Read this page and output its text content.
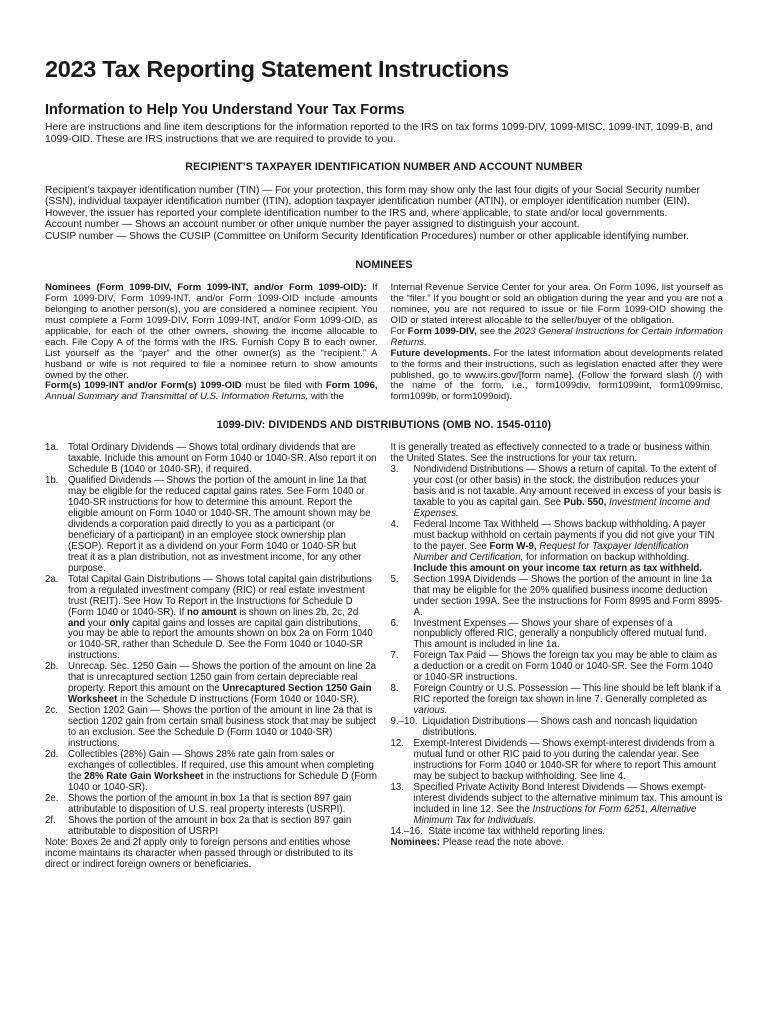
2023 Tax Reporting Statement Instructions
Information to Help You Understand Your Tax Forms

Here are instructions and line item descriptions for the information reported to the IRS on tax forms 1099-DIV, 1099-MISC, 1099-INT, 1099-B, and 1099-OID. These are IRS instructions that we are required to provide to you.

RECIPIENT’S TAXPAYER IDENTIFICATION NUMBER AND ACCOUNT NUMBER

Recipient’s taxpayer identification number (TIN) — For your protection, this form may show only the last four digits of your Social Security number (SSN), individual taxpayer identification number (ITIN), adoption taxpayer identification number (ATIN), or employer identification number (EIN). However, the issuer has reported your complete identification number to the IRS and, where applicable, to state and/or local governments.

Account number — Shows an account number or other unique number the payer assigned to distinguish your account.

CUSIP number — Shows the CUSIP (Committee on Uniform Security Identification Procedures) number or other applicable identifying number.

NOMINEES

Nominees (Form 1099-DIV, Form 1099-INT, and/or Form 1099-OID): If Form 1099-DIV, Form 1099-INT, and/or Form 1099-OID include amounts belonging to another person(s), you are considered a nominee recipient. You must complete a Form 1099-DIV, Form 1099-INT, and/or Form 1099-OID, as applicable, for each of the other owners, showing the income allocable to each. File Copy A of the forms with the IRS. Furnish Copy B to each owner. List yourself as the “payer” and the other owner(s) as the “recipient.” A husband or wife is not required to file a nominee return to show amounts owned by the other.

Form(s) 1099-INT and/or Form(s) 1099-OID must be filed with Form 1096, Annual Summary and Transmittal of U.S. Information Returns, with the

Internal Revenue Service Center for your area. On Form 1096, list yourself as the “filer.” If you bought or sold an obligation during the year and you are not a nominee, you are not required to issue or file Form 1099-OID showing the OID or stated interest allocable to the seller/buyer of the obligation.

For Form 1099-DIV, see the 2023 General Instructions for Certain Information Returns.

Future developments. For the latest information about developments related to the forms and their instructions, such as legislation enacted after they were published, go to www.irs.gov/[form name]. (Follow the forward slash (/) with the name of the form, i.e., form1099div, form1099int, form1099misc, form1099b, or form1099oid).

1099-DIV: DIVIDENDS AND DISTRIBUTIONS (OMB NO. 1545-0110)
1a. Total Ordinary Dividends — Shows total ordinary dividends that are taxable. Include this amount on Form 1040 or 1040-SR. Also report it on Schedule B (1040 or 1040-SR), if required.
1b. Qualified Dividends — Shows the portion of the amount in line 1a that may be eligible for the reduced capital gains rates. See Form 1040 or 1040-SR instructions for how to determine this amount. Report the eligible amount on Form 1040 or 1040-SR. The amount shown may be dividends a corporation paid directly to you as a participant (or beneficiary of a participant) in an employee stock ownership plan (ESOP). Report it as a dividend on your Form 1040 or 1040-SR but treat it as a plan distribution, not as investment income, for any other purpose.
2a. Total Capital Gain Distributions — Shows total capital gain distributions from a regulated investment company (RIC) or real estate investment trust (REIT). See How To Report in the Instructions for Schedule D (Form 1040 or 1040-SR). If no amount is shown on lines 2b, 2c, 2d and your only capital gains and losses are capital gain distributions, you may be able to report the amounts shown on box 2a on Form 1040 or 1040-SR, rather than Schedule D. See the Form 1040 or 1040-SR instructions.
2b. Unrecap. Sec. 1250 Gain — Shows the portion of the amount on line 2a that is unrecaptured section 1250 gain from certain depreciable real property. Report this amount on the Unrecaptured Section 1250 Gain Worksheet in the Schedule D instructions (Form 1040 or 1040-SR).
2c.	Section 1202 Gain — Shows the portion of the amount in line 2a that is section 1202 gain from certain small business stock that may be subject to an exclusion. See the Schedule D (Form 1040 or 1040-SR) instructions.
2d. Collectibles (28%) Gain — Shows 28% rate gain from sales or exchanges of collectibles. If required, use this amount when completing the 28% Rate Gain Worksheet in the instructions for Schedule D (Form 1040 or 1040-SR).
2e. Shows the portion of the amount in box 1a that is section 897 gain attributable to disposition of U.S. real property interests (USRPI).
2f.	Shows the portion of the amount in box 2a that is section 897 gain attributable to disposition of USRPI

Note: Boxes 2e and 2f apply only to foreign persons and entities whose income maintains its character when passed through or distributed to its direct or indirect foreign owners or beneficiaries.

It is generally treated as effectively connected to a trade or business within the United States. See the instructions for your tax return.

3.	Nondividend Distributions — Shows a return of capital. To the extent of your cost (or other basis) in the stock, the distribution reduces your basis and is not taxable. Any amount received in excess of your basis is taxable to you as capital gain. See Pub. 550, Investment Income and Expenses.
4.	Federal Income Tax Withheld — Shows backup withholding. A payer must backup withhold on certain payments if you did not give your TIN to the payer. See Form W-9, Request for Taxpayer Identification Number and Certification, for information on backup withholding. Include this amount on your income tax return as tax withheld.
5.	Section 199A Dividends — Shows the portion of the amount in line 1a that may be eligible for the 20% qualified business income deduction under section 199A. See the instructions for Form 8995 and Form 8995-A.
6.	Investment Expenses — Shows your share of expenses of a nonpublicly offered RIC, generally a nonpublicly offered mutual fund. This amount is included in line 1a.
7.	Foreign Tax Paid — Shows the foreign tax you may be able to claim as a deduction or a credit on Form 1040 or 1040-SR. See the Form 1040 or 1040-SR instructions.
8.	Foreign Country or U.S. Possession — This line should be left blank if a RIC reported the foreign tax shown in line 7. Generally completed as various.
9.–10. Liquidation Distributions — Shows cash and noncash liquidation distributions.
12. Exempt-Interest Dividends — Shows exempt-interest dividends from a mutual fund or other RIC paid to you during the calendar year. See instructions for Form 1040 or 1040-SR for where to report This amount may be subject to backup withholding. See line 4.
13. Specified Private Activity Bond Interest Dividends — Shows exempt-interest dividends subject to the alternative minimum tax. This amount is included in line 12. See the Instructions for Form 6251, Alternative Minimum Tax for Individuals.
14.–16. State income tax withheld reporting lines.

Nominees: Please read the note above.
